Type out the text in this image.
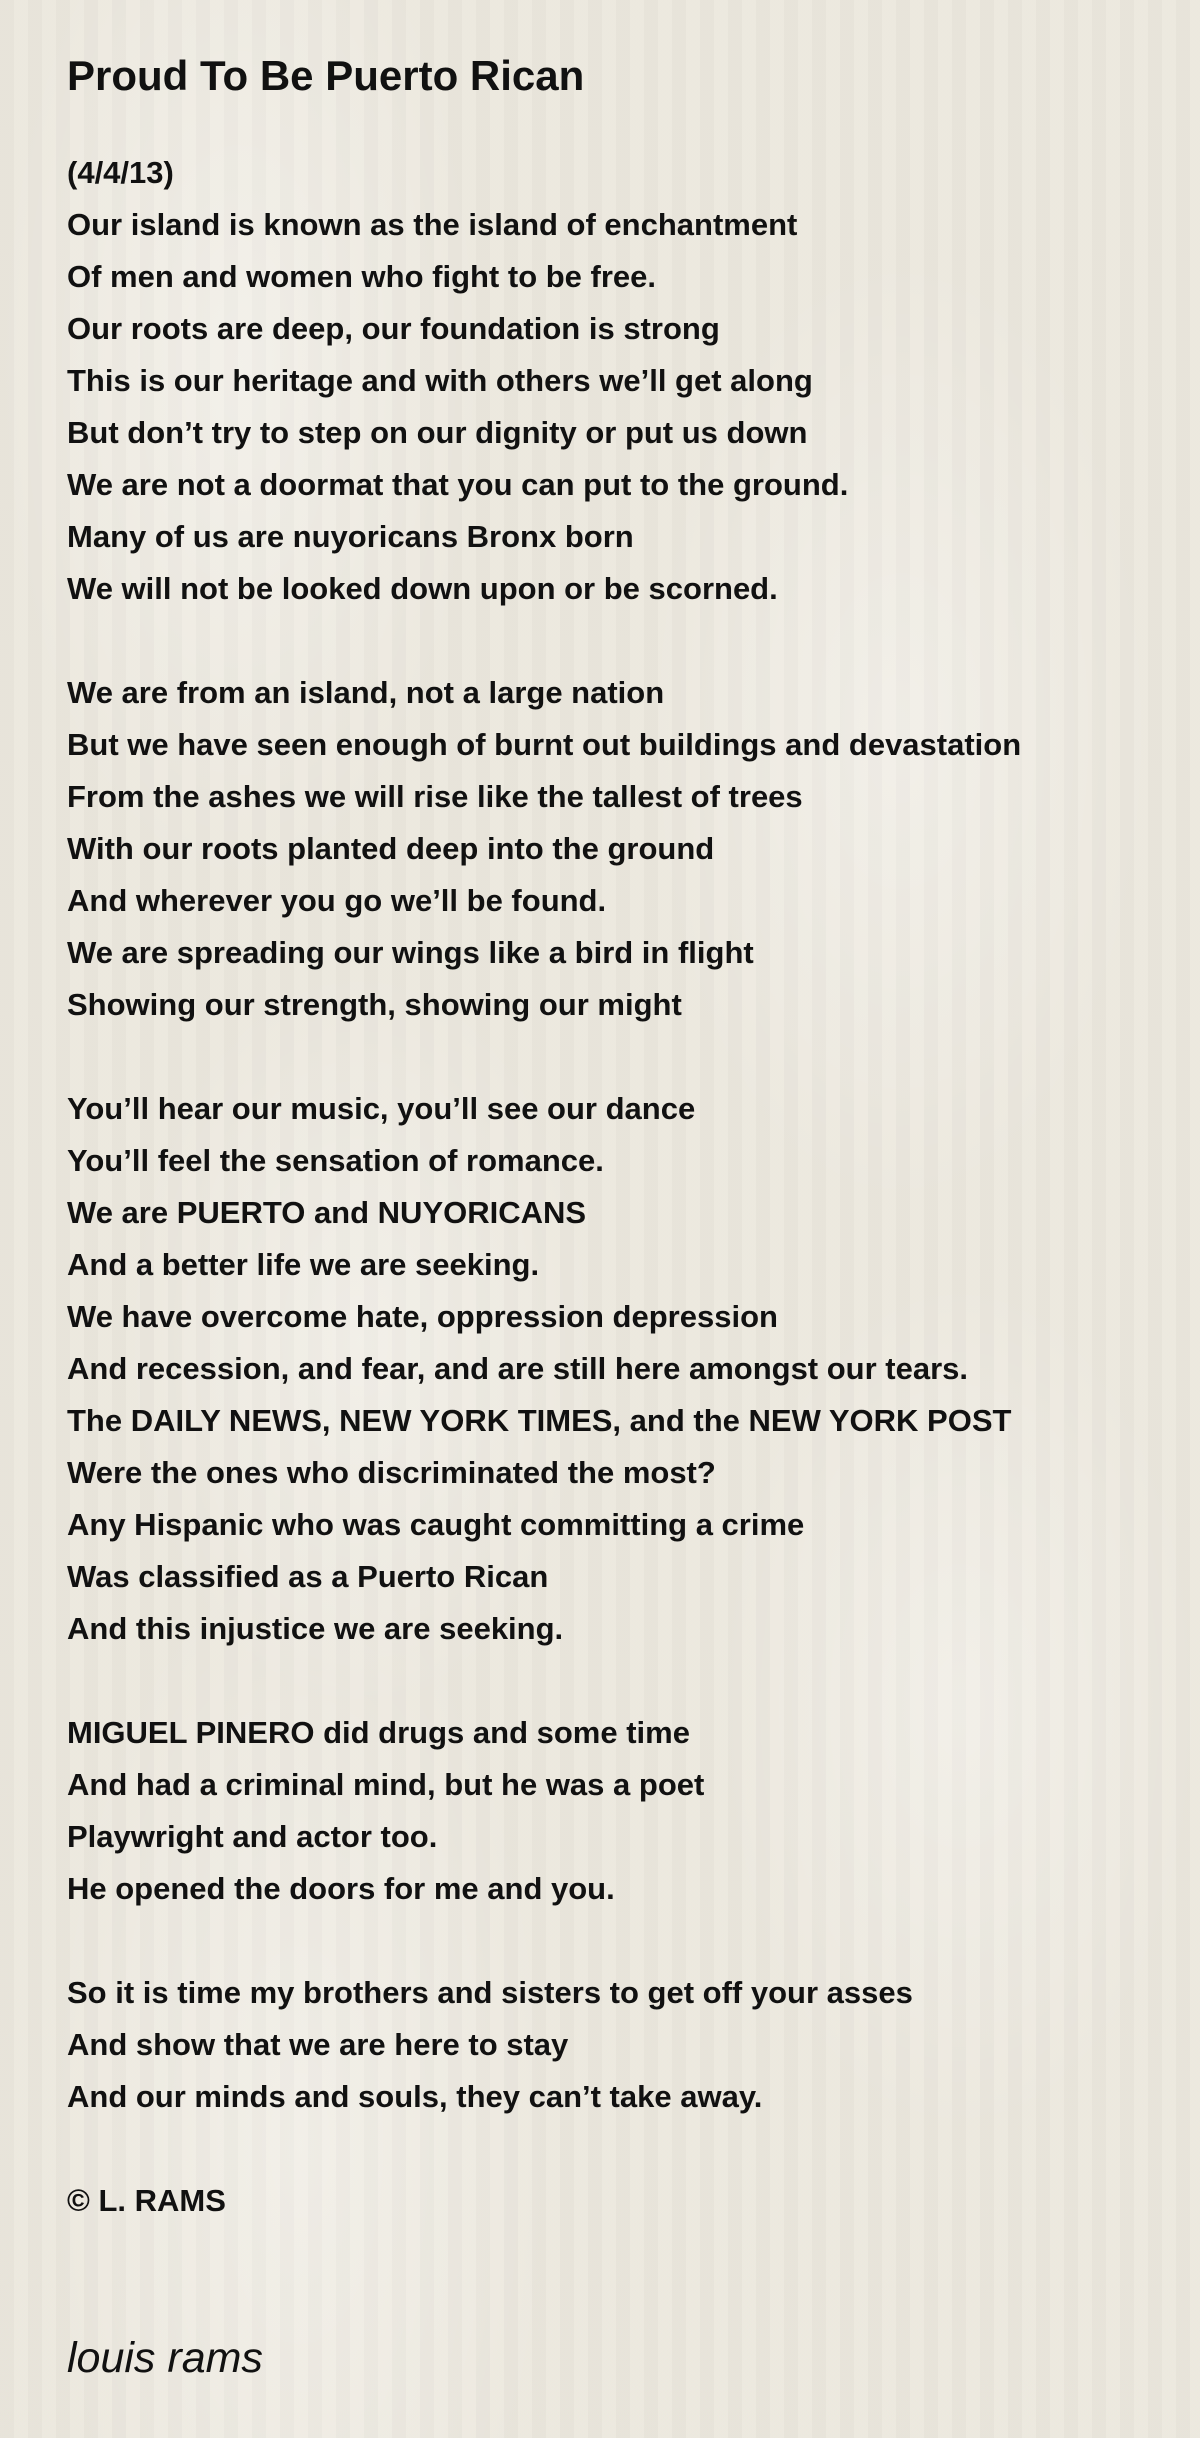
Proud To Be Puerto Rican
(4/4/13)
Our island is known as the island of enchantment
Of men and women who fight to be free.
Our roots are deep, our foundation is strong
This is our heritage and with others we’ll get along
But don’t try to step on our dignity or put us down
We are not a doormat that you can put to the ground.
Many of us are nuyoricans Bronx born
We will not be looked down upon or be scorned.
We are from an island, not a large nation
But we have seen enough of burnt out buildings and devastation
From the ashes we will rise like the tallest of trees
With our roots planted deep into the ground
And wherever you go we’ll be found.
We are spreading our wings like a bird in flight
Showing our strength, showing our might
You’ll hear our music, you’ll see our dance
You’ll feel the sensation of romance.
We are PUERTO and NUYORICANS
And a better life we are seeking.
We have overcome hate, oppression depression
And recession, and fear, and are still here amongst our tears.
The DAILY NEWS, NEW YORK TIMES, and the NEW YORK POST
Were the ones who discriminated the most?
Any Hispanic who was caught committing a crime
Was classified as a Puerto Rican
And this injustice we are seeking.
MIGUEL PINERO did drugs and some time
And had a criminal mind, but he was a poet
Playwright and actor too.
He opened the doors for me and you.
So it is time my brothers and sisters to get off your asses
And show that we are here to stay
And our minds and souls, they can’t take away.
© L. RAMS
louis rams
